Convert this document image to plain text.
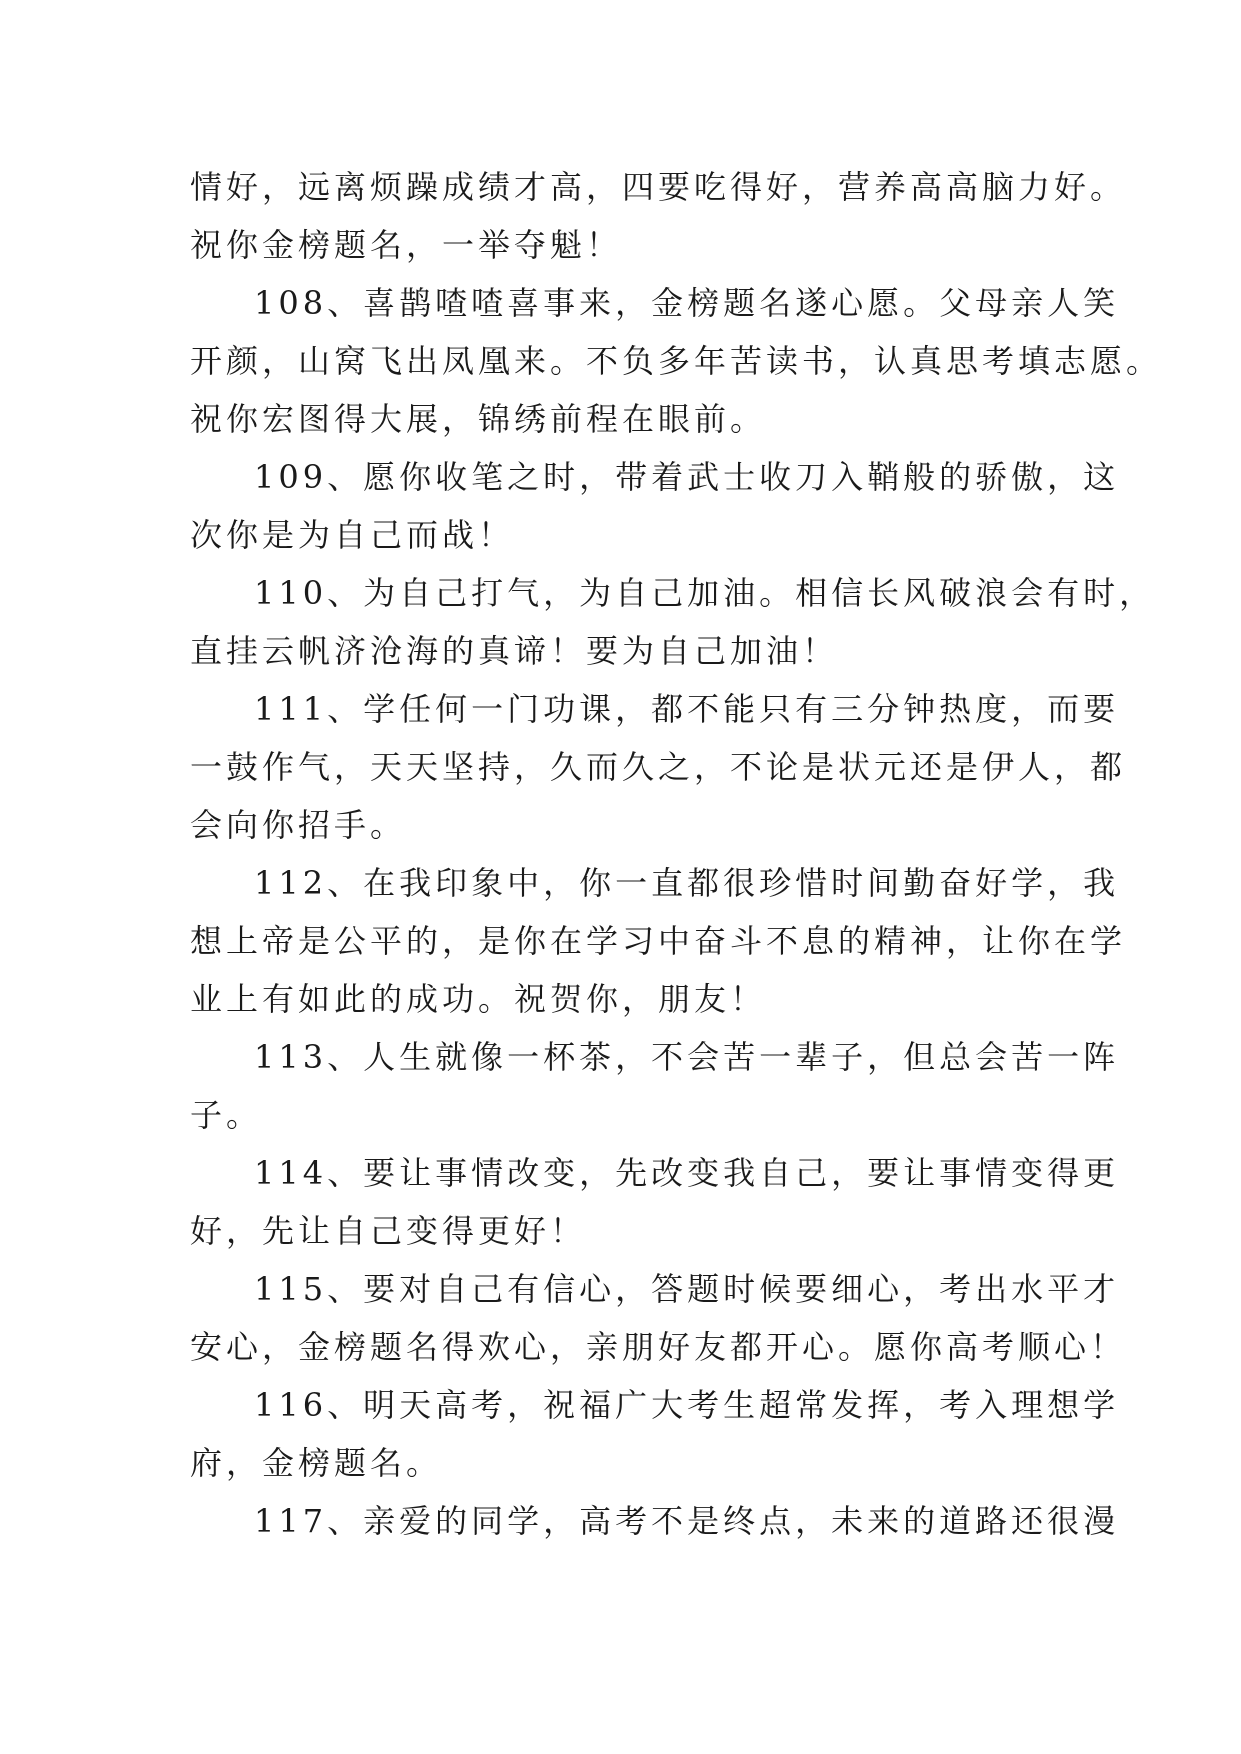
情好，远离烦躁成绩才高，四要吃得好，营养高高脑力好。
祝你金榜题名，一举夺魁！
108、喜鹊喳喳喜事来，金榜题名遂心愿。父母亲人笑
开颜，山窝飞出凤凰来。不负多年苦读书，认真思考填志愿。
祝你宏图得大展，锦绣前程在眼前。
109、愿你收笔之时，带着武士收刀入鞘般的骄傲，这
次你是为自己而战！
110、为自己打气，为自己加油。相信长风破浪会有时，
直挂云帆济沧海的真谛！要为自己加油！
111、学任何一门功课，都不能只有三分钟热度，而要
一鼓作气，天天坚持，久而久之，不论是状元还是伊人，都
会向你招手。
112、在我印象中，你一直都很珍惜时间勤奋好学，我
想上帝是公平的，是你在学习中奋斗不息的精神，让你在学
业上有如此的成功。祝贺你，朋友！
113、人生就像一杯茶，不会苦一辈子，但总会苦一阵
子。
114、要让事情改变，先改变我自己，要让事情变得更
好，先让自己变得更好！
115、要对自己有信心，答题时候要细心，考出水平才
安心，金榜题名得欢心，亲朋好友都开心。愿你高考顺心！
116、明天高考，祝福广大考生超常发挥，考入理想学
府，金榜题名。
117、亲爱的同学，高考不是终点，未来的道路还很漫
